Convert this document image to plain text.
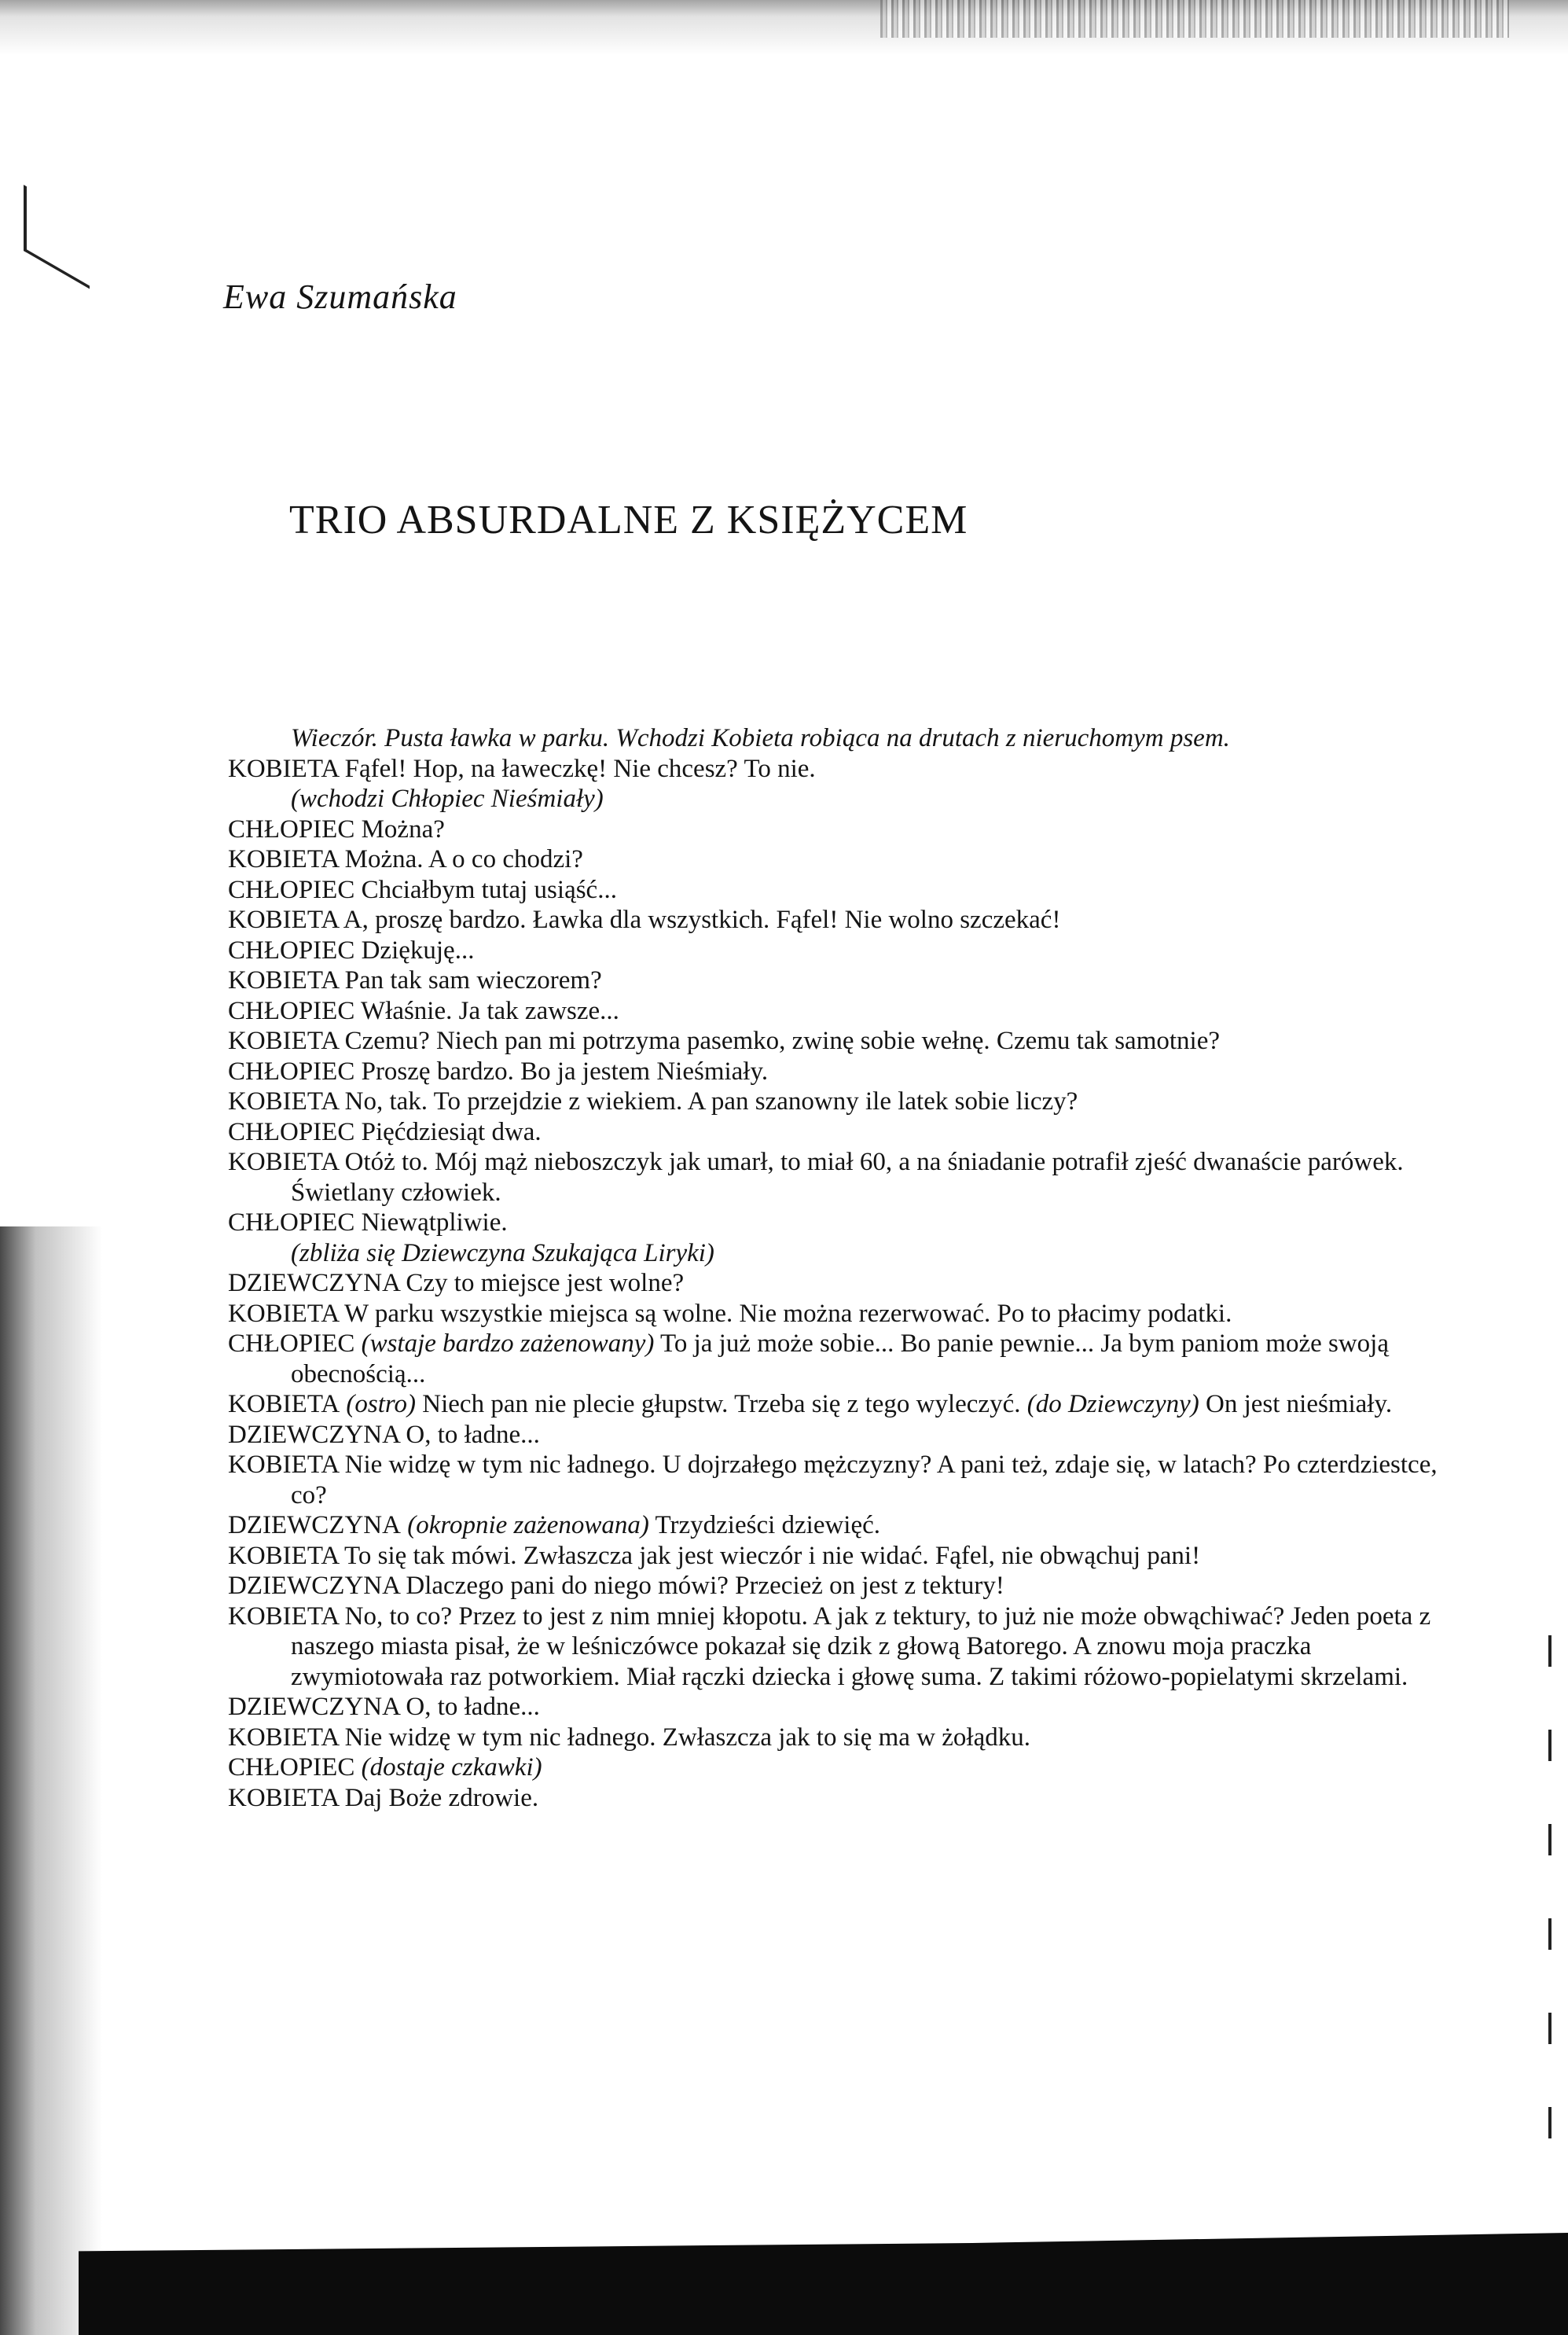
Ewa Szumańska
TRIO ABSURDALNE Z KSIĘŻYCEM

Wieczór. Pusta ławka w parku. Wchodzi Kobieta robiąca na drutach z nieruchomym psem.

KOBIETA Fąfel! Hop, na ławeczkę! Nie chcesz? To nie.

(wchodzi Chłopiec Nieśmiały)

CHŁOPIEC Można?

KOBIETA Można. A o co chodzi?

CHŁOPIEC Chciałbym tutaj usiąść...

KOBIETA A, proszę bardzo. Ławka dla wszystkich. Fąfel! Nie wolno szczekać!

CHŁOPIEC Dziękuję...

KOBIETA Pan tak sam wieczorem?

CHŁOPIEC Właśnie. Ja tak zawsze...

KOBIETA Czemu? Niech pan mi potrzyma pasemko, zwinę sobie wełnę. Czemu tak samotnie?

CHŁOPIEC Proszę bardzo. Bo ja jestem Nieśmiały.

KOBIETA No, tak. To przejdzie z wiekiem. A pan szanowny ile latek sobie liczy?

CHŁOPIEC Pięćdziesiąt dwa.

KOBIETA Otóż to. Mój mąż nieboszczyk jak umarł, to miał 60, a na śniadanie potrafił zjeść dwanaście parówek. Świetlany człowiek.

CHŁOPIEC Niewątpliwie.

(zbliża się Dziewczyna Szukająca Liryki)

DZIEWCZYNA Czy to miejsce jest wolne?

KOBIETA W parku wszystkie miejsca są wolne. Nie można rezerwować. Po to płacimy podatki.

CHŁOPIEC (wstaje bardzo zażenowany) To ja już może sobie... Bo panie pewnie... Ja bym paniom może swoją obecnością...

KOBIETA (ostro) Niech pan nie plecie głupstw. Trzeba się z tego wyleczyć. (do Dziewczyny) On jest nieśmiały.

DZIEWCZYNA O, to ładne...

KOBIETA Nie widzę w tym nic ładnego. U dojrzałego mężczyzny? A pani też, zdaje się, w latach? Po czterdziestce, co?

DZIEWCZYNA (okropnie zażenowana) Trzydzieści dziewięć.

KOBIETA To się tak mówi. Zwłaszcza jak jest wieczór i nie widać. Fąfel, nie obwąchuj pani!

DZIEWCZYNA Dlaczego pani do niego mówi? Przecież on jest z tektury!

KOBIETA No, to co? Przez to jest z nim mniej kłopotu. A jak z tektury, to już nie może obwąchiwać? Jeden poeta z naszego miasta pisał, że w leśniczówce pokazał się dzik z głową Batorego. A znowu moja praczka zwymiotowała raz potworkiem. Miał rączki dziecka i głowę suma. Z takimi różowo-popielatymi skrzelami.

DZIEWCZYNA O, to ładne...

KOBIETA Nie widzę w tym nic ładnego. Zwłaszcza jak to się ma w żołądku.

CHŁOPIEC (dostaje czkawki)

KOBIETA Daj Boże zdrowie.
